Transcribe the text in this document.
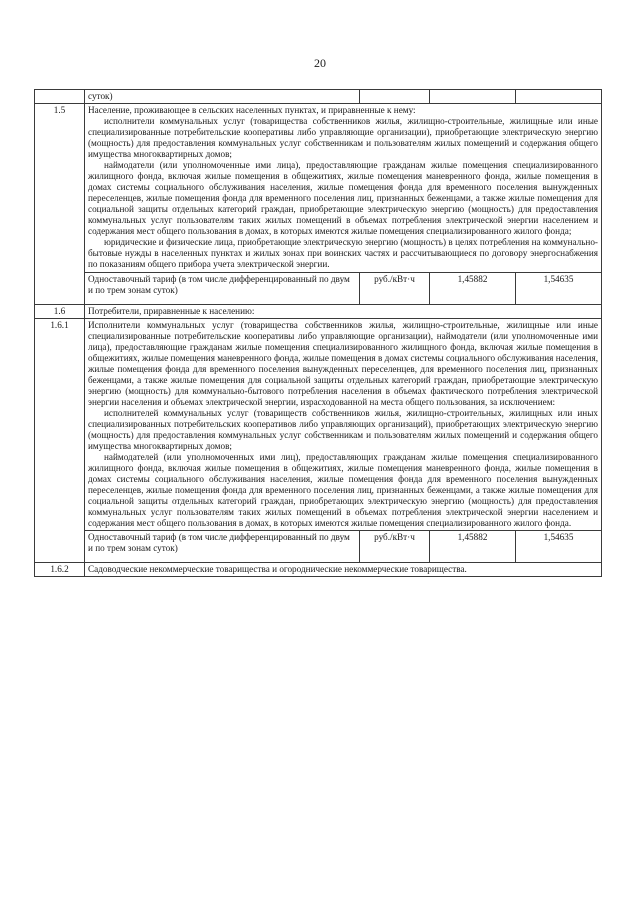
20
	суток)			
1.5	Население, проживающее в сельских населенных пунктах, и приравненные к нему:

исполнители коммунальных услуг (товарищества собственников жилья, жилищно-строительные, жилищные или иные специализированные потребительские кооперативы либо управляющие организации), приобретающие электрическую энергию (мощность) для предоставления коммунальных услуг собственникам и пользователям жилых помещений и содержания общего имущества многоквартирных домов;

наймодатели (или уполномоченные ими лица), предоставляющие гражданам жилые помещения специализированного жилищного фонда, включая жилые помещения в общежитиях, жилые помещения маневренного фонда, жилые помещения в домах системы социального обслуживания населения, жилые помещения фонда для временного поселения вынужденных переселенцев, жилые помещения фонда для временного поселения лиц, признанных беженцами, а также жилые помещения для социальной защиты отдельных категорий граждан, приобретающие электрическую энергию (мощность) для предоставления коммунальных услуг пользователям таких жилых помещений в объемах потребления электрической энергии населением и содержания мест общего пользования в домах, в которых имеются жилые помещения специализированного жилого фонда;

юридические и физические лица, приобретающие электрическую энергию (мощность) в целях потребления на коммунально-бытовые нужды в населенных пунктах и жилых зонах при воинских частях и рассчитывающиеся по договору энергоснабжения по показаниям общего прибора учета электрической энергии.			

	Одноставочный тариф (в том числе дифференцированный по двум и по трем зонам суток)	руб./кВт·ч	1,45882	1,54635
1.6	Потребители, приравненные к населению:			
1.6.1	Исполнители коммунальных услуг (товарищества собственников жилья, жилищно-строительные, жилищные или иные специализированные потребительские кооперативы либо управляющие организации), наймодатели (или уполномоченные ими лица), предоставляющие гражданам жилые помещения специализированного жилищного фонда, включая жилые помещения в общежитиях, жилые помещения маневренного фонда, жилые помещения в домах системы социального обслуживания населения, жилые помещения фонда для временного поселения вынужденных переселенцев, для временного поселения лиц, признанных беженцами, а также жилые помещения для социальной защиты отдельных категорий граждан, приобретающие электрическую энергию (мощность) для коммунально-бытового потребления населения в объемах фактического потребления электрической энергии населения и объемах электрической энергии, израсходованной на места общего пользования, за исключением:

исполнителей коммунальных услуг (товариществ собственников жилья, жилищно-строительных, жилищных или иных специализированных потребительских кооперативов либо управляющих организаций), приобретающих электрическую энергию (мощность) для предоставления коммунальных услуг собственникам и пользователям жилых помещений и содержания общего имущества многоквартирных домов;

наймодателей (или уполномоченных ими лиц), предоставляющих гражданам жилые помещения специализированного жилищного фонда, включая жилые помещения в общежитиях, жилые помещения маневренного фонда, жилые помещения в домах системы социального обслуживания населения, жилые помещения фонда для временного поселения вынужденных переселенцев, жилые помещения фонда для временного поселения лиц, признанных беженцами, а также жилые помещения для социальной защиты отдельных категорий граждан, приобретающих электрическую энергию (мощность) для предоставления коммунальных услуг пользователям таких жилых помещений в объемах потребления электрической энергии населением и содержания мест общего пользования в домах, в которых имеются жилые помещения специализированного жилого фонда.			

	Одноставочный тариф (в том числе дифференцированный по двум и по трем зонам суток)	руб./кВт·ч	1,45882	1,54635
1.6.2	Садоводческие некоммерческие товарищества и огороднические некоммерческие товарищества.			
